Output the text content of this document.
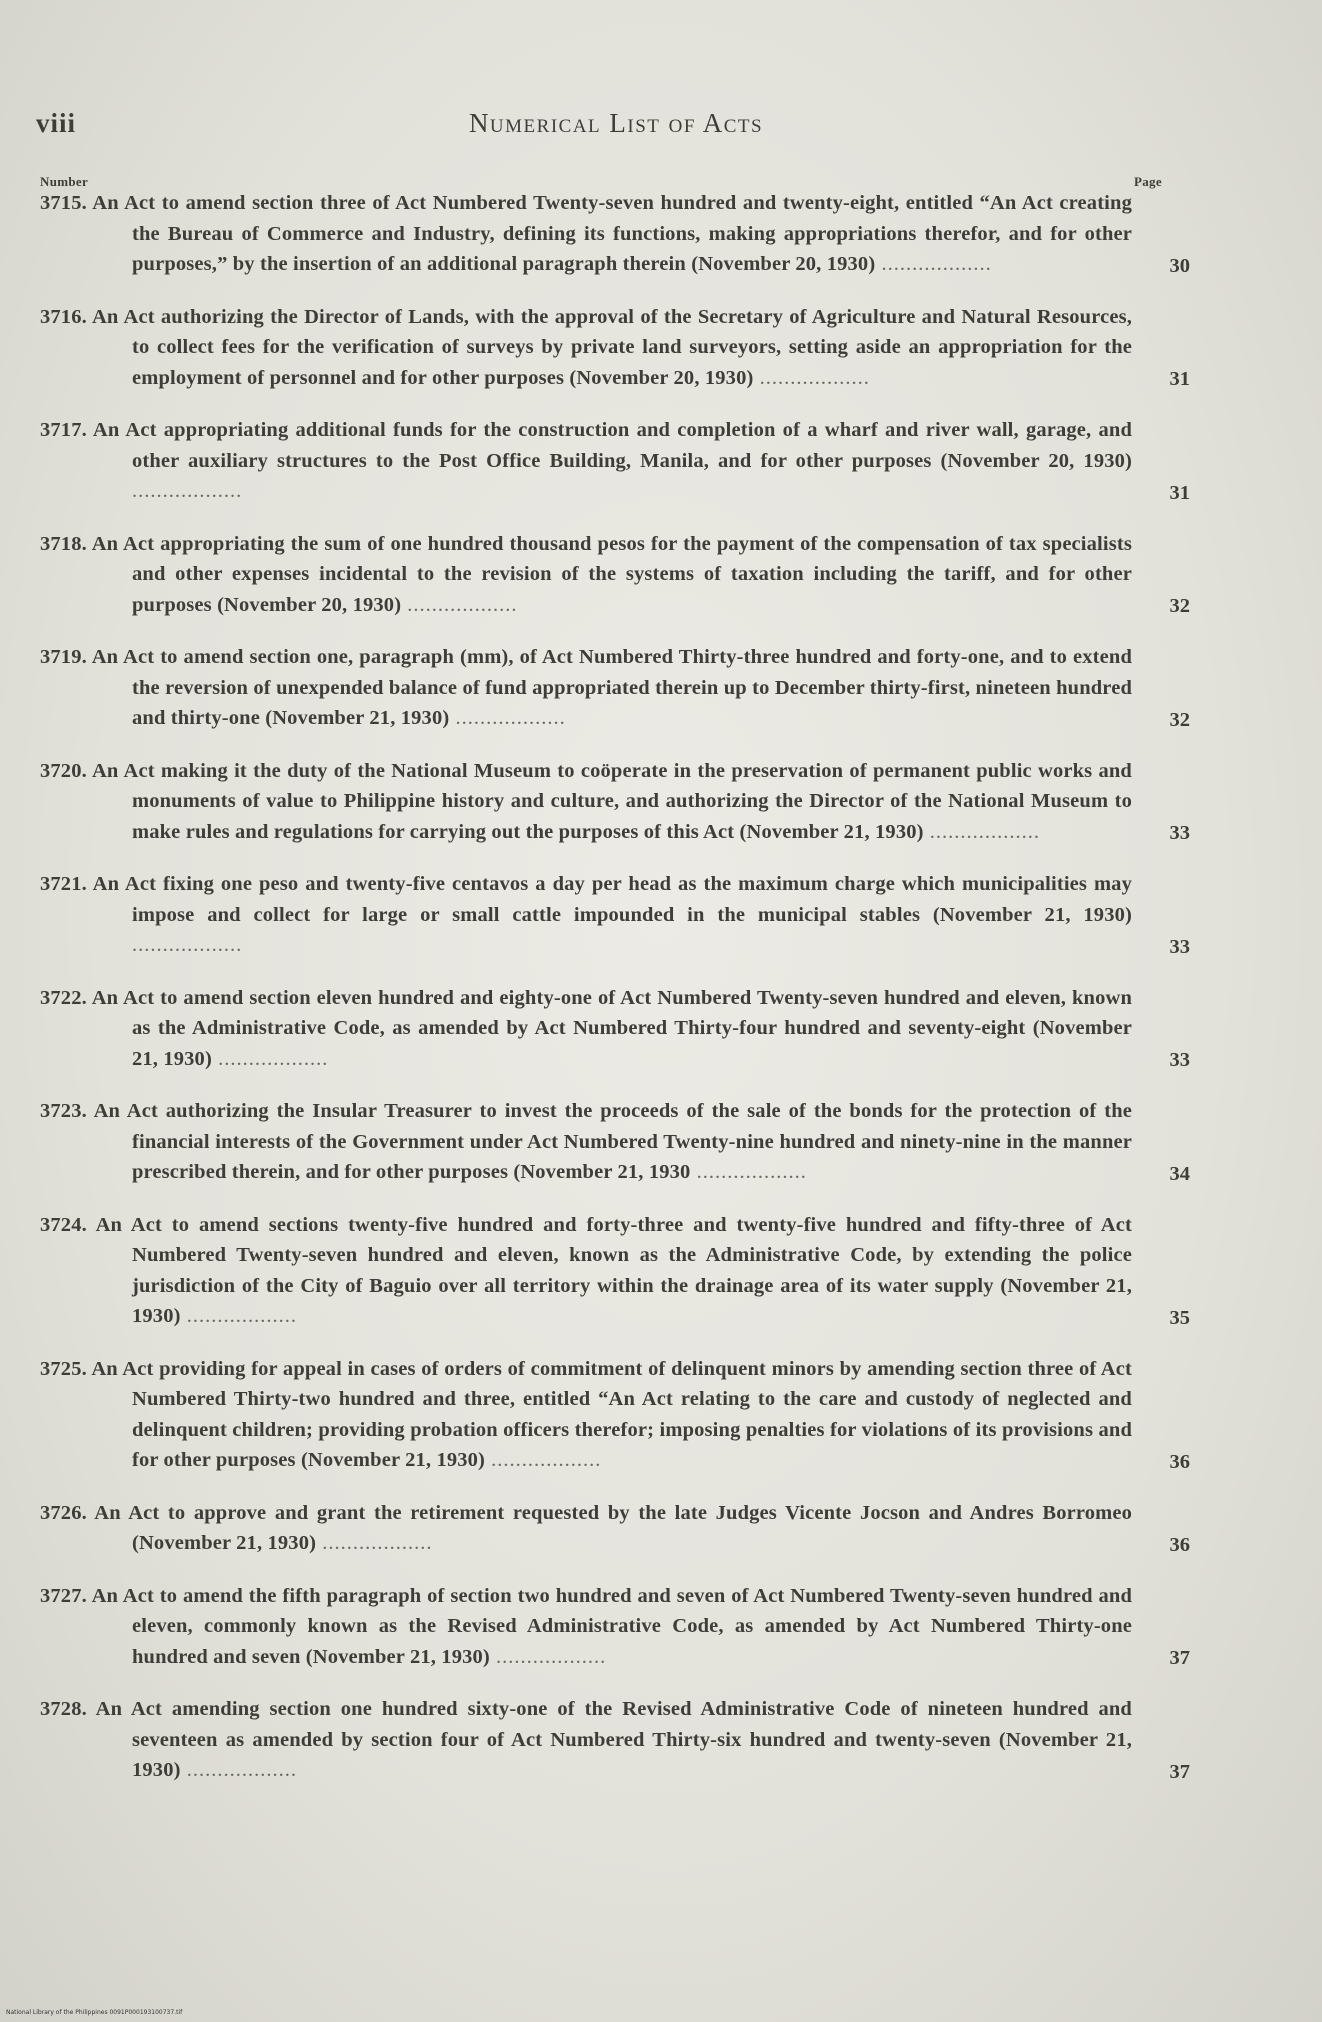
viii	Numerical List of Acts
Number	Page

3715. An Act to amend section three of Act Numbered Twenty-seven hundred and twenty-eight, entitled “An Act creating the Bureau of Commerce and Industry, defining its functions, making appropriations therefor, and for other purposes,” by the insertion of an additional paragraph therein (November 20, 1930) ..................	30

3716. An Act authorizing the Director of Lands, with the approval of the Secretary of Agriculture and Natural Resources, to collect fees for the verification of surveys by private land surveyors, setting aside an appropriation for the employment of personnel and for other purposes (November 20, 1930) ..................	31

3717. An Act appropriating additional funds for the construction and completion of a wharf and river wall, garage, and other auxiliary structures to the Post Office Building, Manila, and for other purposes (November 20, 1930) ..................	31

3718. An Act appropriating the sum of one hundred thousand pesos for the payment of the compensation of tax specialists and other expenses incidental to the revision of the systems of taxation including the tariff, and for other purposes (November 20, 1930) ..................	32

3719. An Act to amend section one, paragraph (mm), of Act Numbered Thirty-three hundred and forty-one, and to extend the reversion of unexpended balance of fund appropriated therein up to December thirty-first, nineteen hundred and thirty-one (November 21, 1930) ..................	32

3720. An Act making it the duty of the National Museum to coöperate in the preservation of permanent public works and monuments of value to Philippine history and culture, and authorizing the Director of the National Museum to make rules and regulations for carrying out the purposes of this Act (November 21, 1930) ..................	33

3721. An Act fixing one peso and twenty-five centavos a day per head as the maximum charge which municipalities may impose and collect for large or small cattle impounded in the municipal stables (November 21, 1930) ..................	33

3722. An Act to amend section eleven hundred and eighty-one of Act Numbered Twenty-seven hundred and eleven, known as the Administrative Code, as amended by Act Numbered Thirty-four hundred and seventy-eight (November 21, 1930) ..................	33

3723. An Act authorizing the Insular Treasurer to invest the proceeds of the sale of the bonds for the protection of the financial interests of the Government under Act Numbered Twenty-nine hundred and ninety-nine in the manner prescribed therein, and for other purposes (November 21, 1930 ..................	34

3724. An Act to amend sections twenty-five hundred and forty-three and twenty-five hundred and fifty-three of Act Numbered Twenty-seven hundred and eleven, known as the Administrative Code, by extending the police jurisdiction of the City of Baguio over all territory within the drainage area of its water supply (November 21, 1930) ..................	35

3725. An Act providing for appeal in cases of orders of commitment of delinquent minors by amending section three of Act Numbered Thirty-two hundred and three, entitled “An Act relating to the care and custody of neglected and delinquent children; providing probation officers therefor; imposing penalties for violations of its provisions and for other purposes (November 21, 1930) ..................	36

3726. An Act to approve and grant the retirement requested by the late Judges Vicente Jocson and Andres Borromeo (November 21, 1930) ..................	36

3727. An Act to amend the fifth paragraph of section two hundred and seven of Act Numbered Twenty-seven hundred and eleven, commonly known as the Revised Administrative Code, as amended by Act Numbered Thirty-one hundred and seven (November 21, 1930) ..................	37

3728. An Act amending section one hundred sixty-one of the Revised Administrative Code of nineteen hundred and seventeen as amended by section four of Act Numbered Thirty-six hundred and twenty-seven (November 21, 1930) ..................	37
National Library of the Philippines 0091P000193100737.tif
